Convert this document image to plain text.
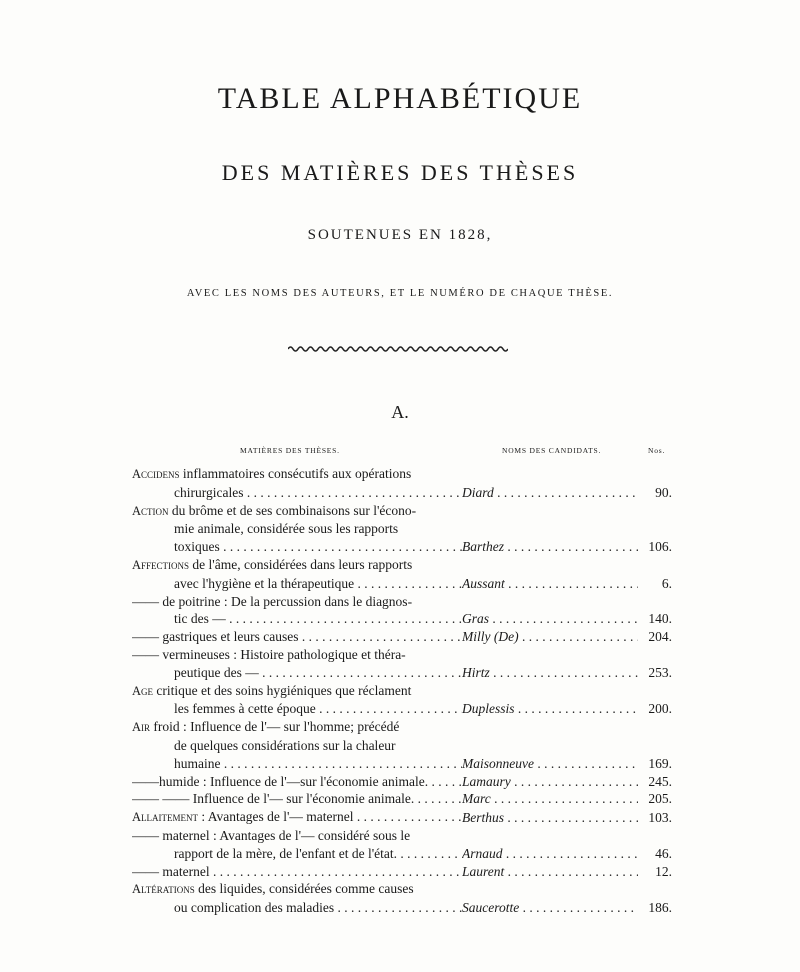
TABLE ALPHABÉTIQUE
DES MATIÈRES DES THÈSES
SOUTENUES EN 1828,
AVEC LES NOMS DES AUTEURS, ET LE NUMÉRO DE CHAQUE THÈSE.
A.
MATIÈRES DES THÈSES.	NOMS DES CANDIDATS.	Nos.
Accidens inflammatoires consécutifs aux opérations
chirurgicales . . .	Diard . . .	90.

Action du brôme et de ses combinaisons sur l'écono-
mie animale, considérée sous les rapports
toxiques . . .	Barthez . . .	106.

Affections de l'âme, considérées dans leurs rapports
avec l'hygiène et la thérapeutique . . .	Aussant . . .	6.

—— de poitrine : De la percussion dans le diagnos-
tic des — . . .	Gras . . .	140.

—— gastriques et leurs causes . . .	Milly (De) . . .	204.

—— vermineuses : Histoire pathologique et théra-
peutique des — . . .	Hirtz . . .	253.

Age critique et des soins hygiéniques que réclament
les femmes à cette époque . . .	Duplessis . . .	200.

Air froid : Influence de l'— sur l'homme; précédé
de quelques considérations sur la chaleur
humaine . . .	Maisonneuve . . .	169.

——humide : Influence de l'—sur l'économie animale. . . .	Lamaury . . .	245.

—— —— Influence de l'— sur l'économie animale. . . .	Marc . . .	205.

Allaitement : Avantages de l'— maternel . . .	Berthus . . .	103.

—— maternel : Avantages de l'— considéré sous le
rapport de la mère, de l'enfant et de l'état. . . . .	Arnaud . . .	46.

—— maternel . . .	Laurent . . .	12.

Altérations des liquides, considérées comme causes
ou complication des maladies . . .	Saucerotte . . .	186.
